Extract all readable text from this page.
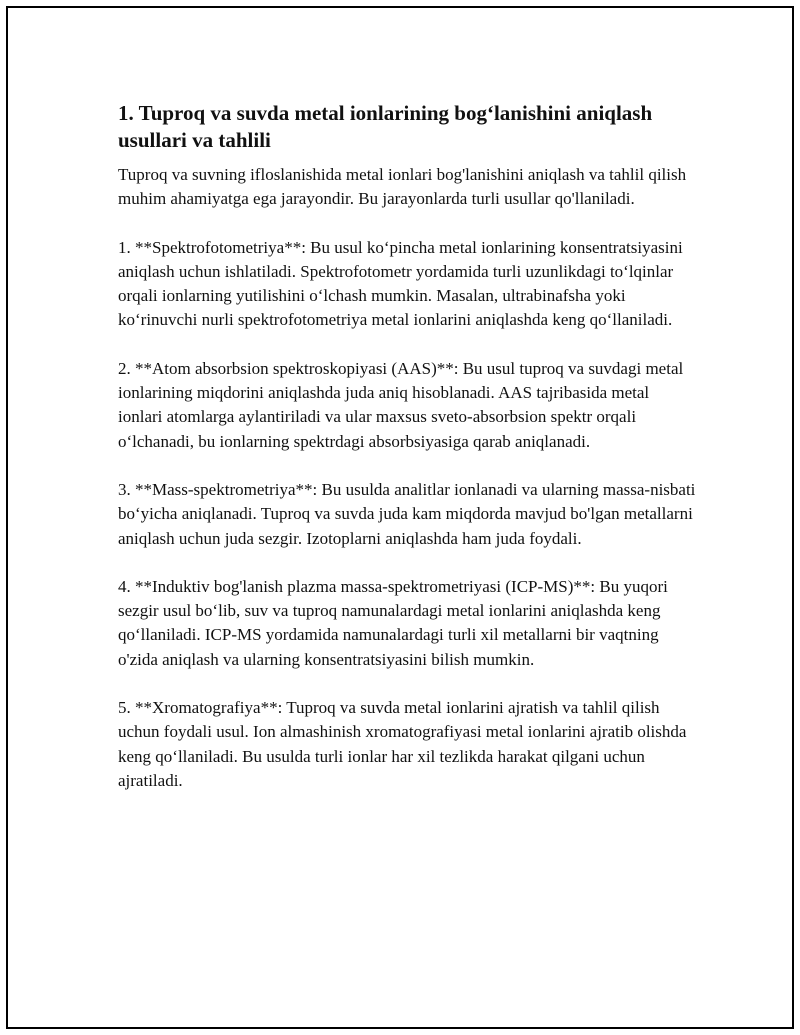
1. Tuproq va suvda metal ionlarining bog‘lanishini aniqlash usullari va tahlili

Tuproq va suvning ifloslanishida metal ionlari bog'lanishini aniqlash va tahlil qilish muhim ahamiyatga ega jarayondir. Bu jarayonlarda turli usullar qo'llaniladi.

1. **Spektrofotometriya**: Bu usul ko‘pincha metal ionlarining konsentratsiyasini aniqlash uchun ishlatiladi. Spektrofotometr yordamida turli uzunlikdagi to‘lqinlar orqali ionlarning yutilishini o‘lchash mumkin. Masalan, ultrabinafsha yoki ko‘rinuvchi nurli spektrofotometriya metal ionlarini aniqlashda keng qo‘llaniladi.

2. **Atom absorbsion spektroskopiyasi (AAS)**: Bu usul tuproq va suvdagi metal ionlarining miqdorini aniqlashda juda aniq hisoblanadi. AAS tajribasida metal ionlari atomlarga aylantiriladi va ular maxsus sveto-absorbsion spektr orqali o‘lchanadi, bu ionlarning spektrdagi absorbsiyasiga qarab aniqlanadi.

3. **Mass-spektrometriya**: Bu usulda analitlar ionlanadi va ularning massa-nisbati bo‘yicha aniqlanadi. Tuproq va suvda juda kam miqdorda mavjud bo'lgan metallarni aniqlash uchun juda sezgir. Izotoplarni aniqlashda ham juda foydali.

4. **Induktiv bog'lanish plazma massa-spektrometriyasi (ICP-MS)**: Bu yuqori sezgir usul bo‘lib, suv va tuproq namunalardagi metal ionlarini aniqlashda keng qo‘llaniladi. ICP-MS yordamida namunalardagi turli xil metallarni bir vaqtning o'zida aniqlash va ularning konsentratsiyasini bilish mumkin.

5. **Xromatografiya**: Tuproq va suvda metal ionlarini ajratish va tahlil qilish uchun foydali usul. Ion almashinish xromatografiyasi metal ionlarini ajratib olishda keng qo‘llaniladi. Bu usulda turli ionlar har xil tezlikda harakat qilgani uchun ajratiladi.
